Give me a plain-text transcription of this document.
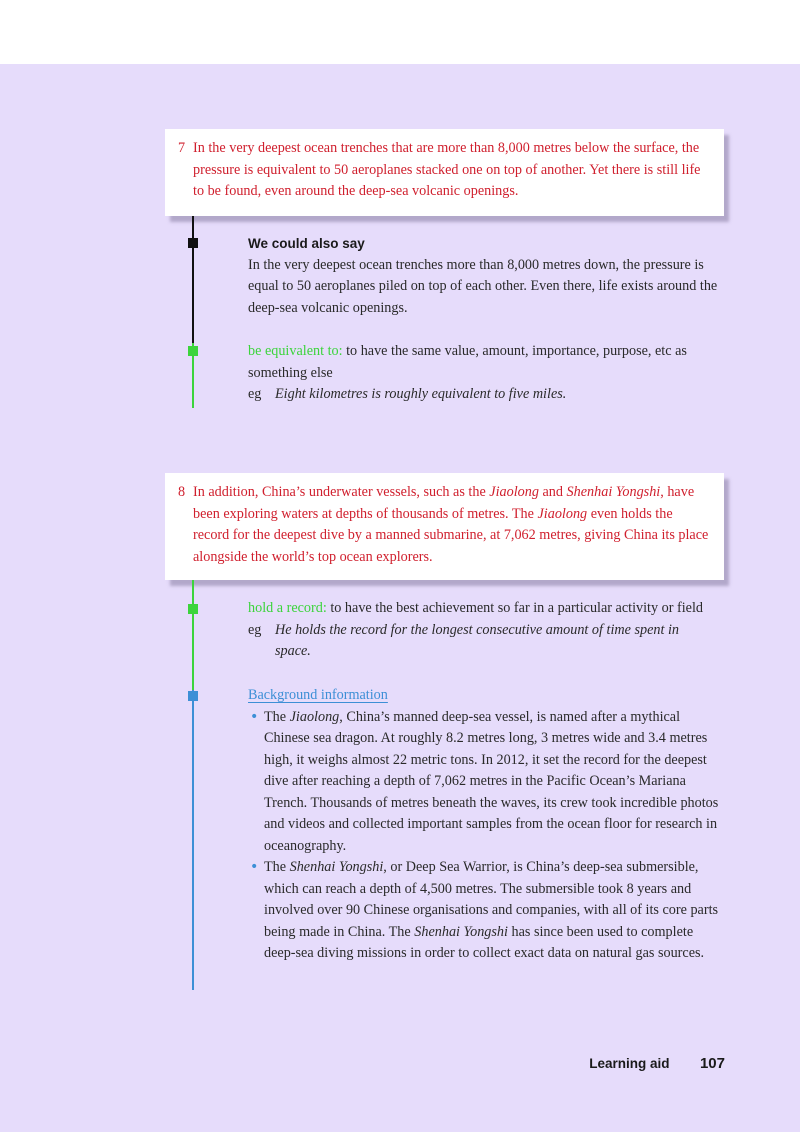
7 In the very deepest ocean trenches that are more than 8,000 metres below the surface, the pressure is equivalent to 50 aeroplanes stacked one on top of another. Yet there is still life to be found, even around the deep-sea volcanic openings.

We could also say

In the very deepest ocean trenches more than 8,000 metres down, the pressure is equal to 50 aeroplanes piled on top of each other. Even there, life exists around the deep-sea volcanic openings.

be equivalent to: to have the same value, amount, importance, purpose, etc as something else

eg Eight kilometres is roughly equivalent to five miles.
8 In addition, China’s underwater vessels, such as the Jiaolong and Shenhai Yongshi, have been exploring waters at depths of thousands of metres. The Jiaolong even holds the record for the deepest dive by a manned submarine, at 7,062 metres, giving China its place alongside the world’s top ocean explorers.

hold a record: to have the best achievement so far in a particular activity or field

eg He holds the record for the longest consecutive amount of time spent in space.

Background information

• The Jiaolong, China’s manned deep-sea vessel, is named after a mythical Chinese sea dragon. At roughly 8.2 metres long, 3 metres wide and 3.4 metres high, it weighs almost 22 metric tons. In 2012, it set the record for the deepest dive after reaching a depth of 7,062 metres in the Pacific Ocean’s Mariana Trench. Thousands of metres beneath the waves, its crew took incredible photos and videos and collected important samples from the ocean floor for research in oceanography.
• The Shenhai Yongshi, or Deep Sea Warrior, is China’s deep-sea submersible, which can reach a depth of 4,500 metres. The submersible took 8 years and involved over 90 Chinese organisations and companies, with all of its core parts being made in China. The Shenhai Yongshi has since been used to complete deep-sea diving missions in order to collect exact data on natural gas sources.
Learning aid 107
